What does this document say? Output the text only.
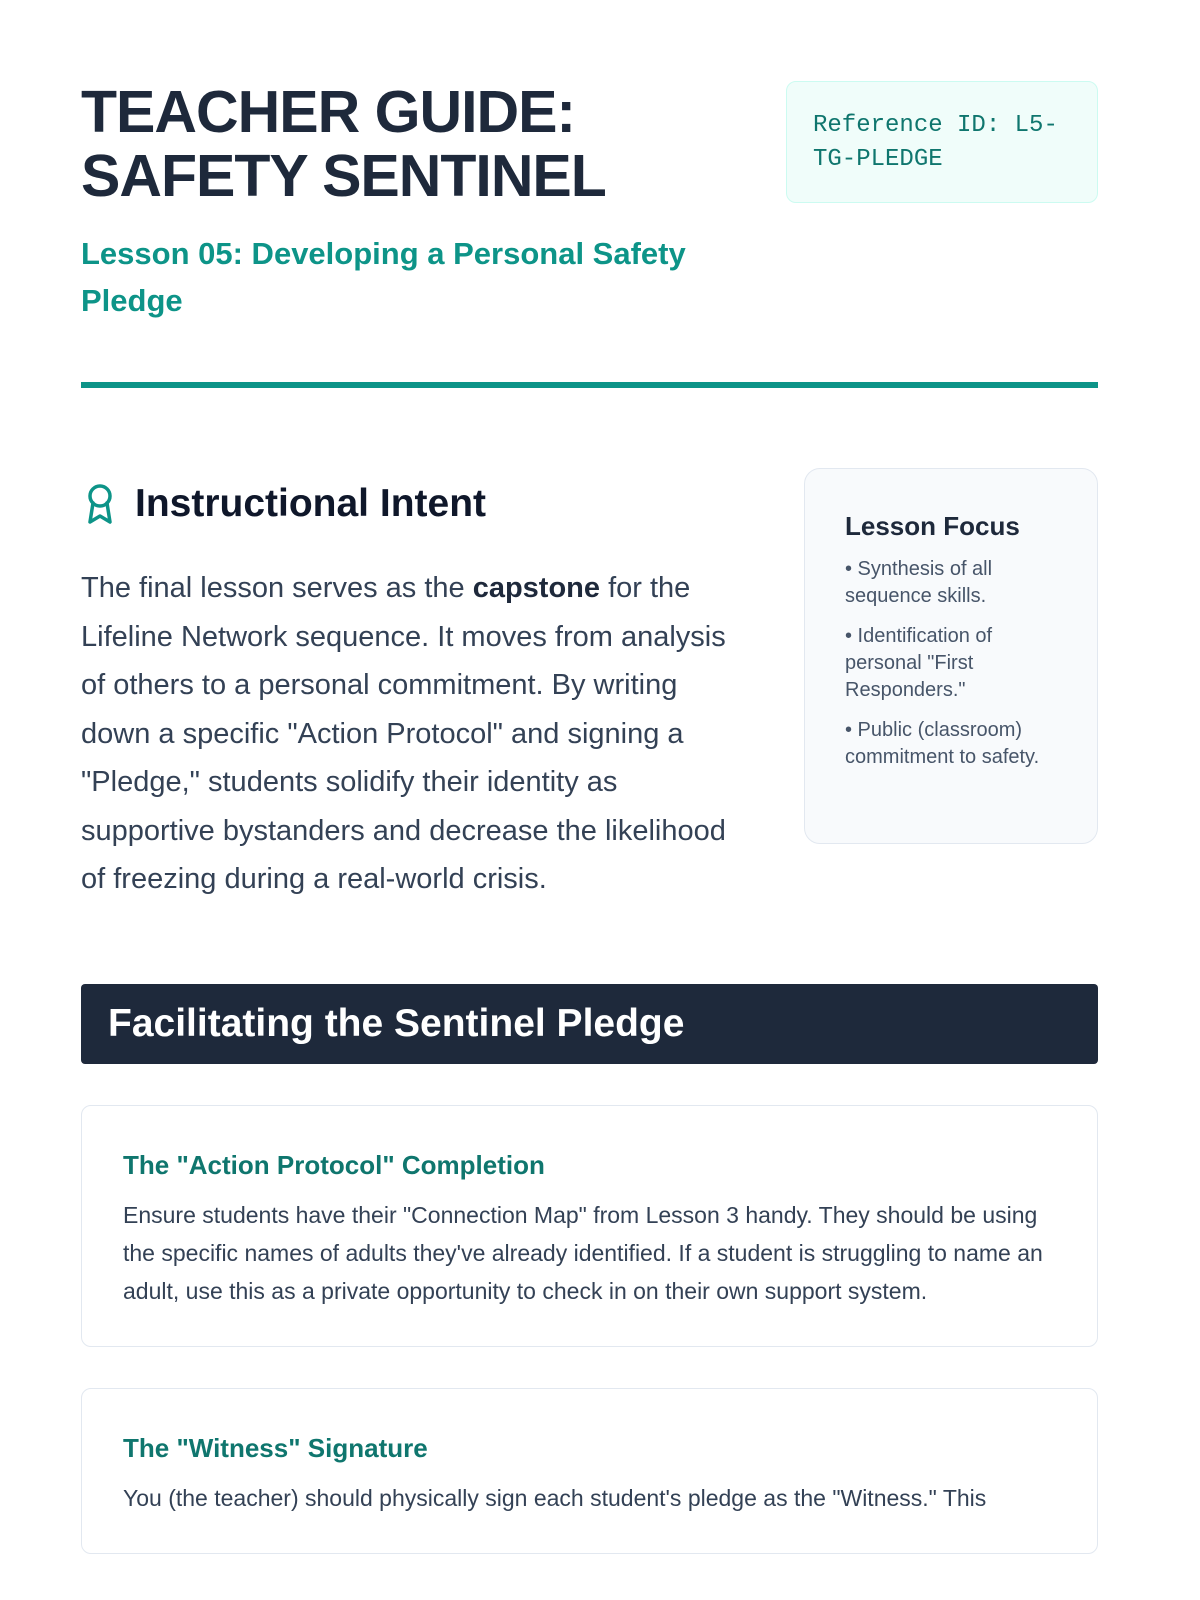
TEACHER GUIDE:
SAFETY SENTINEL
Lesson 05: Developing a Personal Safety Pledge
Reference ID: L5-TG-PLEDGE
Instructional Intent

The final lesson serves as the capstone for the Lifeline Network sequence. It moves from analysis of others to a personal commitment. By writing down a specific "Action Protocol" and signing a "Pledge," students solidify their identity as supportive bystanders and decrease the likelihood of freezing during a real-world crisis.

Lesson Focus
• Synthesis of all sequence skills.
• Identification of personal "First Responders."
• Public (classroom) commitment to safety.
Facilitating the Sentinel Pledge
The "Action Protocol" Completion

Ensure students have their "Connection Map" from Lesson 3 handy. They should be using the specific names of adults they've already identified. If a student is struggling to name an adult, use this as a private opportunity to check in on their own support system.

The "Witness" Signature

You (the teacher) should physically sign each student's pledge as the "Witness." This
